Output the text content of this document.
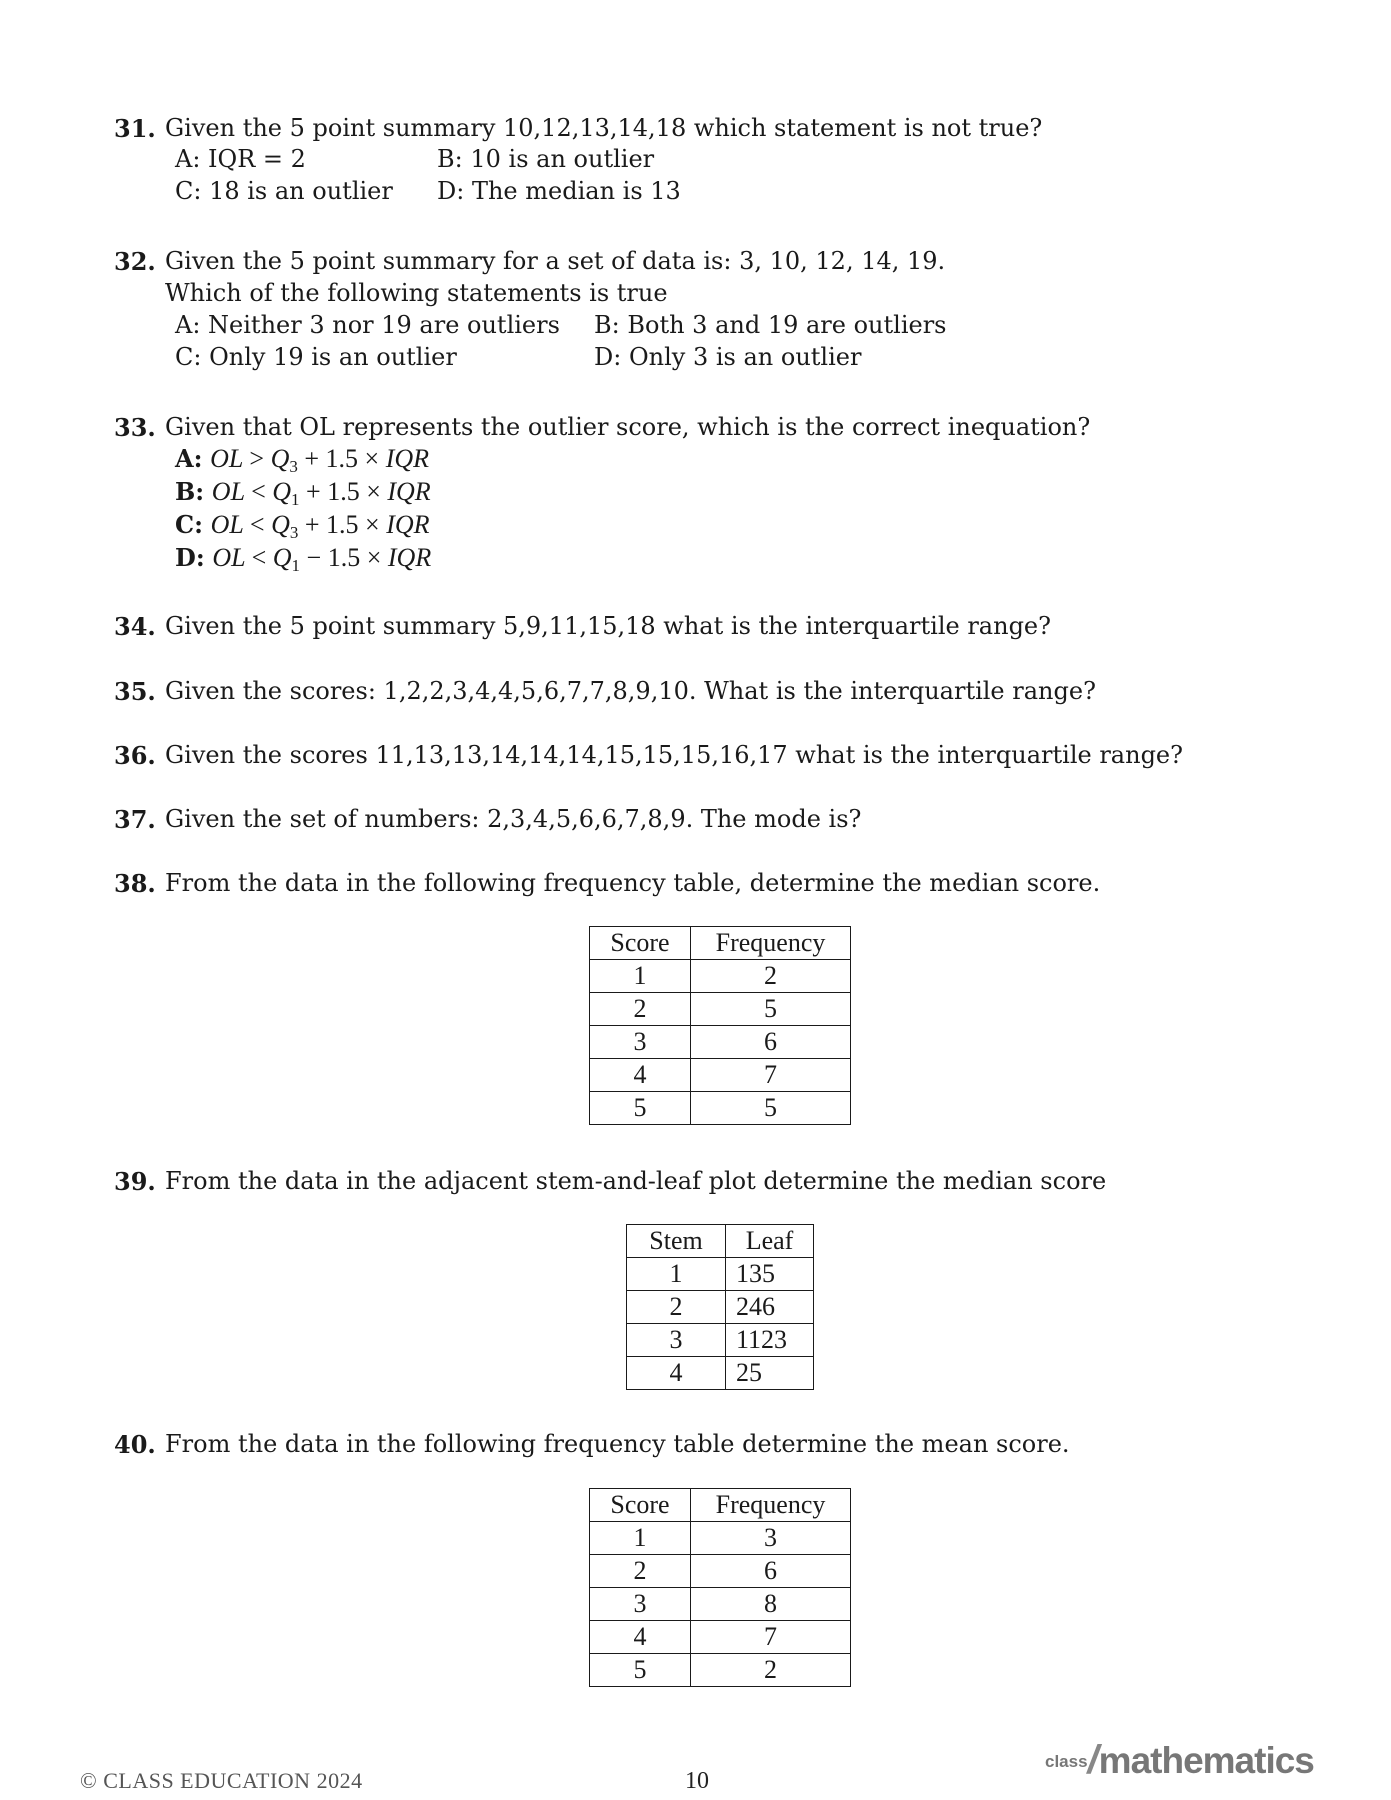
31. Given the 5 point summary 10,12,13,14,18 which statement is not true?
A: IQR = 2	B: 10 is an outlier
C: 18 is an outlier D: The median is 13
32. Given the 5 point summary for a set of data is: 3, 10, 12, 14, 19.
Which of the following statements is true
A: Neither 3 nor 19 are outliers B: Both 3 and 19 are outliers
C: Only 19 is an outlier	D: Only 3 is an outlier
33. Given that OL represents the outlier score, which is the correct inequation?
A: OL > $Q_3 + 1.5$ × IQR
B: OL < $Q_1 + 1.5$ × IQR
C: OL < $Q_3 + 1.5$ × IQR
D: OL < $Q_1 - 1.5$ × IQR
34. Given the 5 point summary 5,9,11,15,18 what is the interquartile range?
35. Given the scores: 1,2,2,3,4,4,5,6,7,7,8,9,10. What is the interquartile range?
36. Given the scores 11,13,13,14,14,14,15,15,15,16,17 what is the interquartile range?
37. Given the set of numbers: 2,3,4,5,6,6,7,8,9. The mode is?
38. From the data in the following frequency table, determine the median score.
Score	Frequency
1	2
2	5
3	6
4	7
5	5
39. From the data in the adjacent stem-and-leaf plot determine the median score
Stem	Leaf
1	135
2	246
3	1123
4	25
40. From the data in the following frequency table determine the mean score.
Score	Frequency
1	3
2	6
3	8
4	7
5	2
© CLASS EDUCATION 2024	10
class/mathematics
